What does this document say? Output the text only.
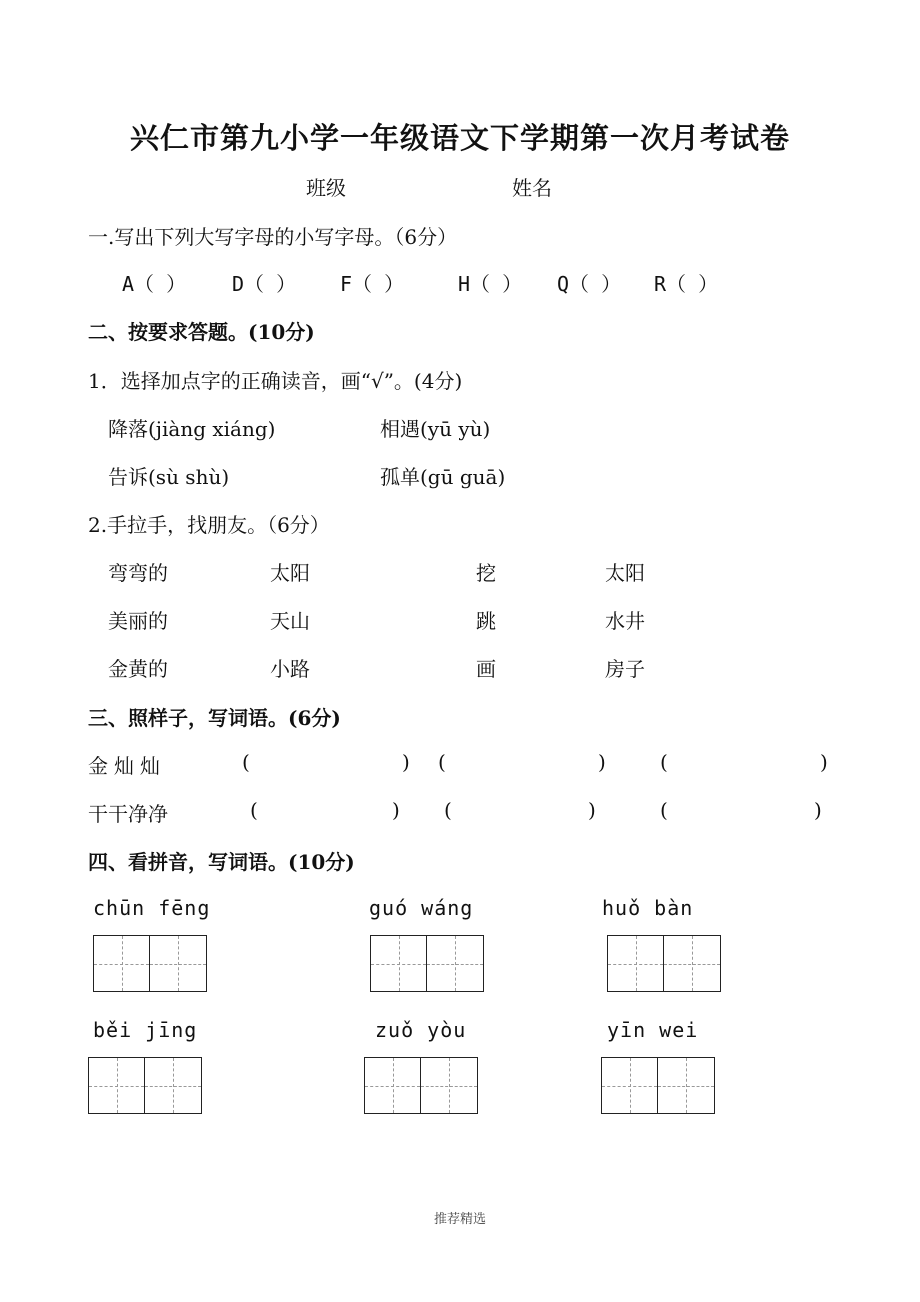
兴仁市第九小学一年级语文下学期第一次月考试卷
班级	姓名
一.写出下列大写字母的小写字母。（6分）
A（ ） D（ ） F（ ）	H（ ） Q（ ） R（ ）
二、按要求答题。(10分)
1．选择加点字的正确读音，画“√”。(4分)
降落(jiàng xiáng)	相遇(yū yù)
告诉(sù shù)	孤单(gū guā)
2.手拉手，找朋友。（6分）
弯弯的	太阳	挖	太阳
美丽的	天山	跳	水井
金黄的	小路	画	房子
三、照样子，写词语。(6分)
金灿灿	(	) (	)	(	)
干干净净	(	) (	)	(	)
四、看拼音，写词语。(10分)
chūn fēng	guó wáng	huǒ bàn
běi jīng	zuǒ yòu	yīn wei
推荐精选
